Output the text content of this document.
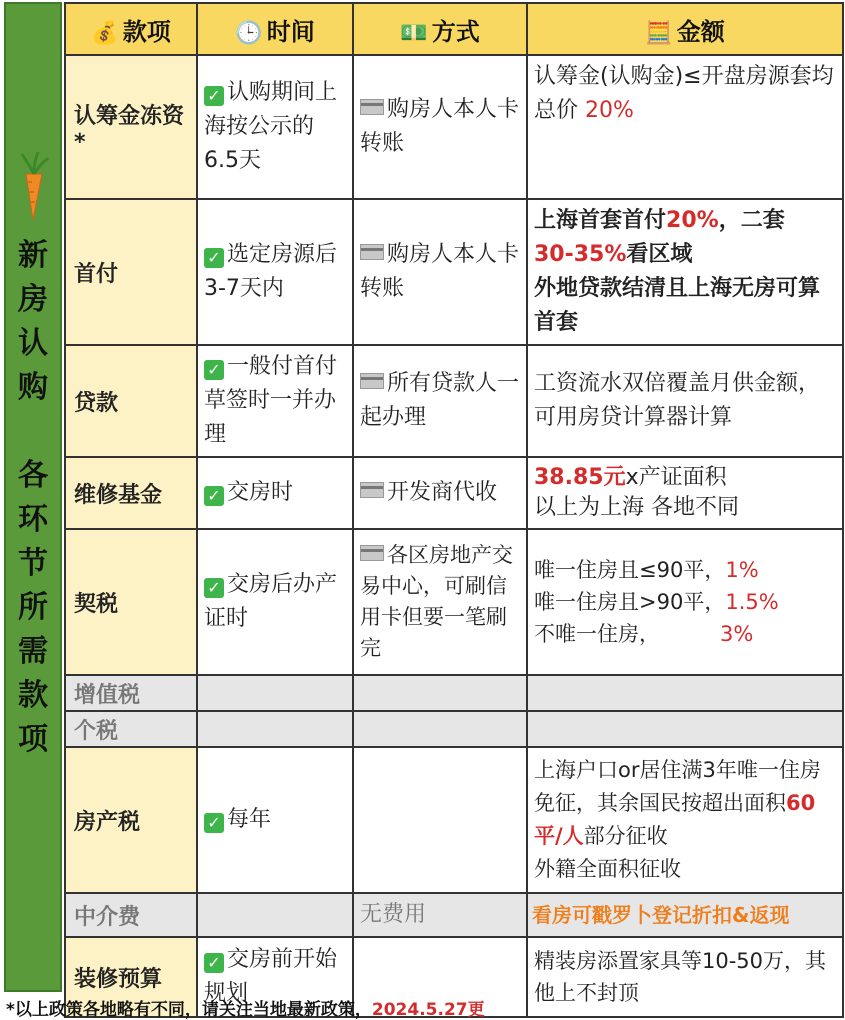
新
房
认
购

各
环
节
所
需
款
项
💰 款项	🕒 时间	💵 方式	🧮 金额
认筹金冻资*	✓ 认购期间上海按公示的6.5天	购房人本人卡转账	认筹金(认购金)≤开盘房源套均总价 20%
首付	✓ 选定房源后3-7天内	购房人本人卡转账	上海首套首付20%，二套
30-35%看区域
外地贷款结清且上海无房可算首套
贷款	✓ 一般付首付草签时一并办理	所有贷款人一起办理	工资流水双倍覆盖月供金额，可用房贷计算器计算
维修基金	✓ 交房时	开发商代收	38.85元x产证面积
以上为上海 各地不同
契税	✓ 交房后办产证时	各区房地产交易中心，可刷信用卡但要一笔刷完	唯一住房且≤90平，1%
唯一住房且>90平，1.5%
不唯一住房， 3%
增值税			
个税			
房产税	✓ 每年		上海户口or居住满3年唯一住房免征，其余国民按超出面积60平/人部分征收
外籍全面积征收
中介费		无费用	看房可戳罗卜登记折扣&返现
装修预算	✓ 交房前开始规划		精装房添置家具等10-50万，其他上不封顶
*以上政策各地略有不同，请关注当地最新政策，2024.5.27更
